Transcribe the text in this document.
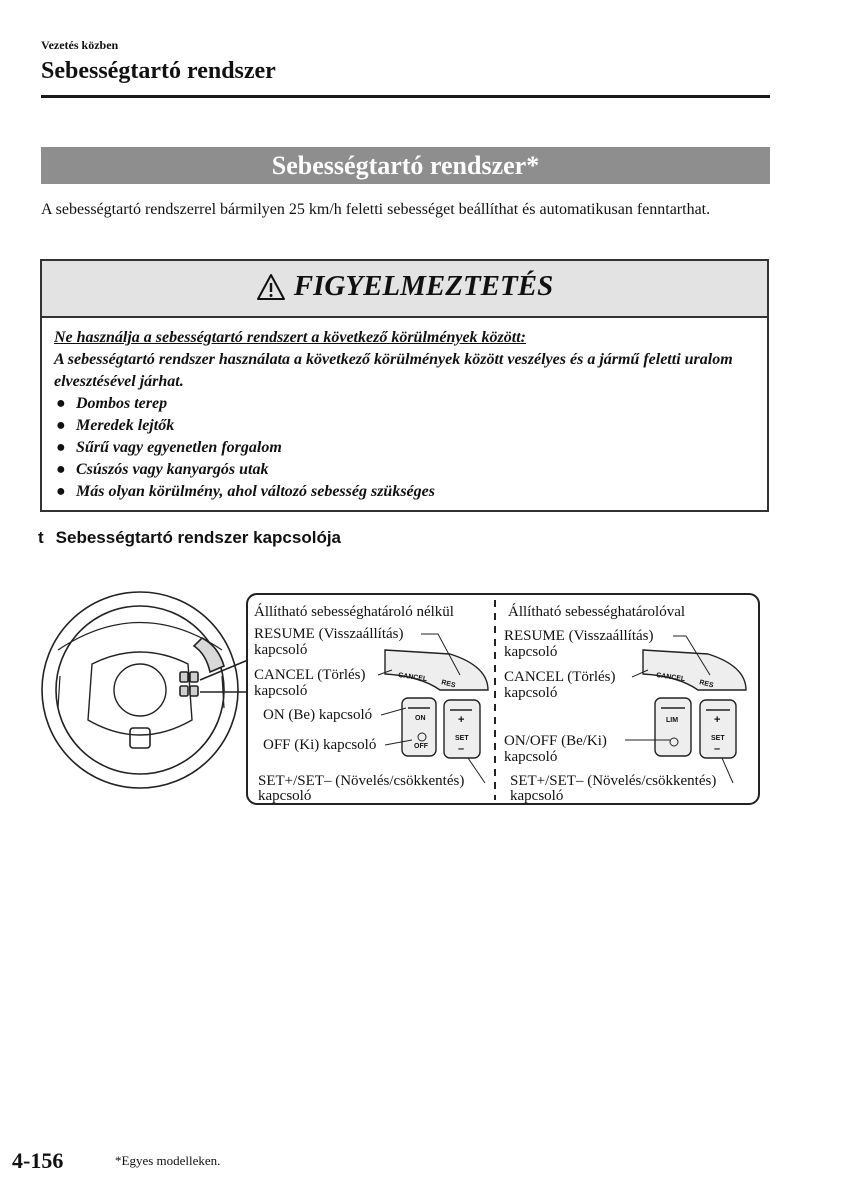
Vezetés közben
Sebességtartó rendszer
Sebességtartó rendszer*
A sebességtartó rendszerrel bármilyen 25 km/h feletti sebességet beállíthat és automatikusan fenntarthat.
FIGYELMEZTETÉS
Ne használja a sebességtartó rendszert a következő körülmények között:
A sebességtartó rendszer használata a következő körülmények között veszélyes és a jármű feletti uralom elvesztésével járhat.
● Dombos terep
● Meredek lejtők
● Sűrű vagy egyenetlen forgalom
● Csúszós vagy kanyargós utak
● Más olyan körülmény, ahol változó sebesség szükséges
t Sebességtartó rendszer kapcsolója
Állítható sebességhatároló nélkül
RESUME (Visszaállítás)
kapcsoló
CANCEL (Törlés)
kapcsoló
ON (Be) kapcsoló
OFF (Ki) kapcsoló
SET+/SET– (Növelés/csökkentés)
kapcsoló
CANCEL
RES
ON
OFF
+
SET
–
Állítható sebességhatárolóval
RESUME (Visszaállítás)
kapcsoló
CANCEL (Törlés)
kapcsoló
ON/OFF (Be/Ki)
kapcsoló
SET+/SET– (Növelés/csökkentés)
kapcsoló
CANCEL
RES
LIM	+
SET
–
4-156	*Egyes modelleken.
